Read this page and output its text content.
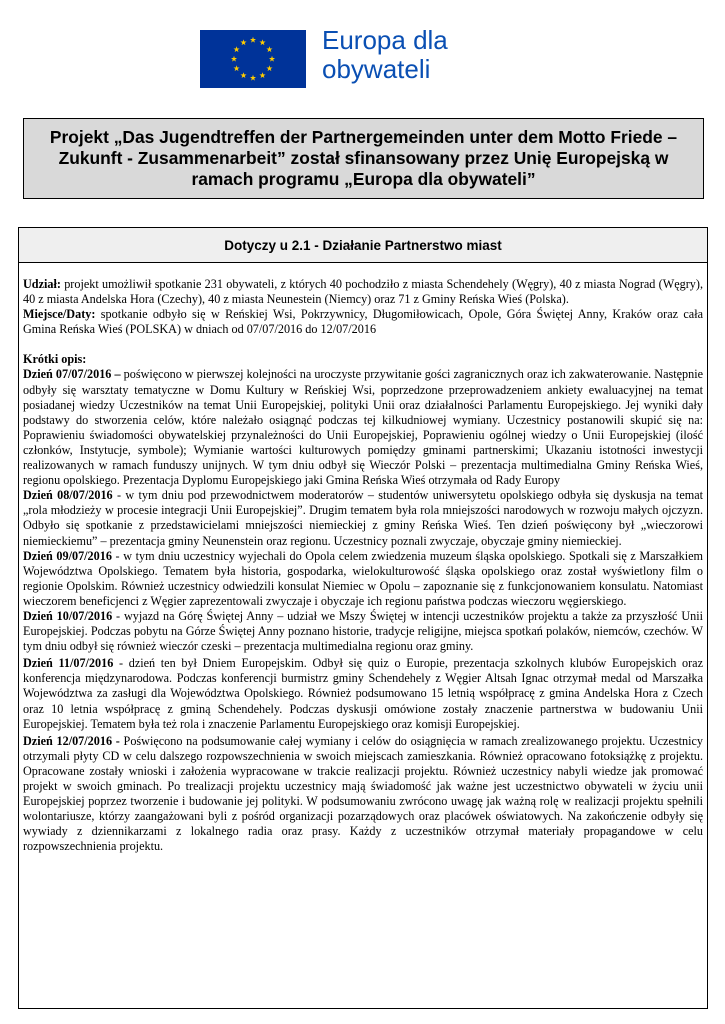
Europa dla obywateli
Projekt „Das Jugendtreffen der Partnergemeinden unter dem Motto Friede – Zukunft - Zusammenarbeit” został sfinansowany przez Unię Europejską w ramach programu „Europa dla obywateli”
Dotyczy u 2.1 - Działanie Partnerstwo miast

Udział: projekt umożliwił spotkanie 231 obywateli, z których 40 pochodziło z miasta Schendehely (Węgry), 40 z miasta Nograd (Węgry), 40 z miasta Andelska Hora (Czechy), 40 z miasta Neunestein (Niemcy) oraz 71 z Gminy Reńska Wieś (Polska).

Miejsce/Daty: spotkanie odbyło się w Reńskiej Wsi, Pokrzywnicy, Długomiłowicach, Opole, Góra Świętej Anny, Kraków oraz cała Gmina Reńska Wieś (POLSKA) w dniach od 07/07/2016 do 12/07/2016

Krótki opis:

Dzień 07/07/2016 – poświęcono w pierwszej kolejności na uroczyste przywitanie gości zagranicznych oraz ich zakwaterowanie. Następnie odbyły się warsztaty tematyczne w Domu Kultury w Reńskiej Wsi, poprzedzone przeprowadzeniem ankiety ewaluacyjnej na temat posiadanej wiedzy Uczestników na temat Unii Europejskiej, polityki Unii oraz działalności Parlamentu Europejskiego. Jej wyniki dały podstawy do stworzenia celów, które należało osiągnąć podczas tej kilkudniowej wymiany. Uczestnicy postanowili skupić się na: Poprawieniu świadomości obywatelskiej przynależności do Unii Europejskiej, Poprawieniu ogólnej wiedzy o Unii Europejskiej (ilość członków, Instytucje, symbole); Wymianie wartości kulturowych pomiędzy gminami partnerskimi; Ukazaniu istotności inwestycji realizowanych w ramach funduszy unijnych. W tym dniu odbył się Wieczór Polski – prezentacja multimedialna Gminy Reńska Wieś, regionu opolskiego. Prezentacja Dyplomu Europejskiego jaki Gmina Reńska Wieś otrzymała od Rady Europy

Dzień 08/07/2016 - w tym dniu pod przewodnictwem moderatorów – studentów uniwersytetu opolskiego odbyła się dyskusja na temat „rola młodzieży w procesie integracji Unii Europejskiej”. Drugim tematem była rola mniejszości narodowych w rozwoju małych ojczyzn. Odbyło się spotkanie z przedstawicielami mniejszości niemieckiej z gminy Reńska Wieś. Ten dzień poświęcony był „wieczorowi niemieckiemu” – prezentacja gminy Neunenstein oraz regionu. Uczestnicy poznali zwyczaje, obyczaje gminy niemieckiej.

Dzień 09/07/2016 - w tym dniu uczestnicy wyjechali do Opola celem zwiedzenia muzeum śląska opolskiego. Spotkali się z Marszałkiem Województwa Opolskiego. Tematem była historia, gospodarka, wielokulturowość śląska opolskiego oraz został wyświetlony film o regionie Opolskim. Również uczestnicy odwiedzili konsulat Niemiec w Opolu – zapoznanie się z funkcjonowaniem konsulatu. Natomiast wieczorem beneficjenci z Węgier zaprezentowali zwyczaje i obyczaje ich regionu państwa podczas wieczoru węgierskiego.

Dzień 10/07/2016 - wyjazd na Górę Świętej Anny – udział we Mszy Świętej w intencji uczestników projektu a także za przyszłość Unii Europejskiej. Podczas pobytu na Górze Świętej Anny poznano historie, tradycje religijne, miejsca spotkań polaków, niemców, czechów. W tym dniu odbył się również wieczór czeski – prezentacja multimedialna regionu oraz gminy.

Dzień 11/07/2016 - dzień ten był Dniem Europejskim. Odbył się quiz o Europie, prezentacja szkolnych klubów Europejskich oraz konferencja międzynarodowa. Podczas konferencji burmistrz gminy Schendehely z Węgier Altsah Ignac otrzymał medal od Marszałka Województwa za zasługi dla Województwa Opolskiego. Również podsumowano 15 letnią współpracę z gmina Andelska Hora z Czech oraz 10 letnia współpracę z gminą Schendehely. Podczas dyskusji omówione zostały znaczenie partnerstwa w budowaniu Unii Europejskiej. Tematem była też rola i znaczenie Parlamentu Europejskiego oraz komisji Europejskiej.

Dzień 12/07/2016 - Poświęcono na podsumowanie całej wymiany i celów do osiągnięcia w ramach zrealizowanego projektu. Uczestnicy otrzymali płyty CD w celu dalszego rozpowszechnienia w swoich miejscach zamieszkania. Również opracowano fotoksiążkę z projektu. Opracowane zostały wnioski i założenia wypracowane w trakcie realizacji projektu. Również uczestnicy nabyli wiedze jak promować projekt w swoich gminach. Po trealizacji projektu uczestnicy mają świadomość jak ważne jest uczestnictwo obywateli w życiu unii Europejskiej poprzez tworzenie i budowanie jej polityki. W podsumowaniu zwrócono uwagę jak ważną rolę w realizacji projektu spełnili wolontariusze, którzy zaangażowani byli z pośród organizacji pozarządowych oraz placówek oświatowych. Na zakończenie odbyły się wywiady z dziennikarzami z lokalnego radia oraz prasy. Każdy z uczestników otrzymał materiały propagandowe w celu rozpowszechnienia projektu.
